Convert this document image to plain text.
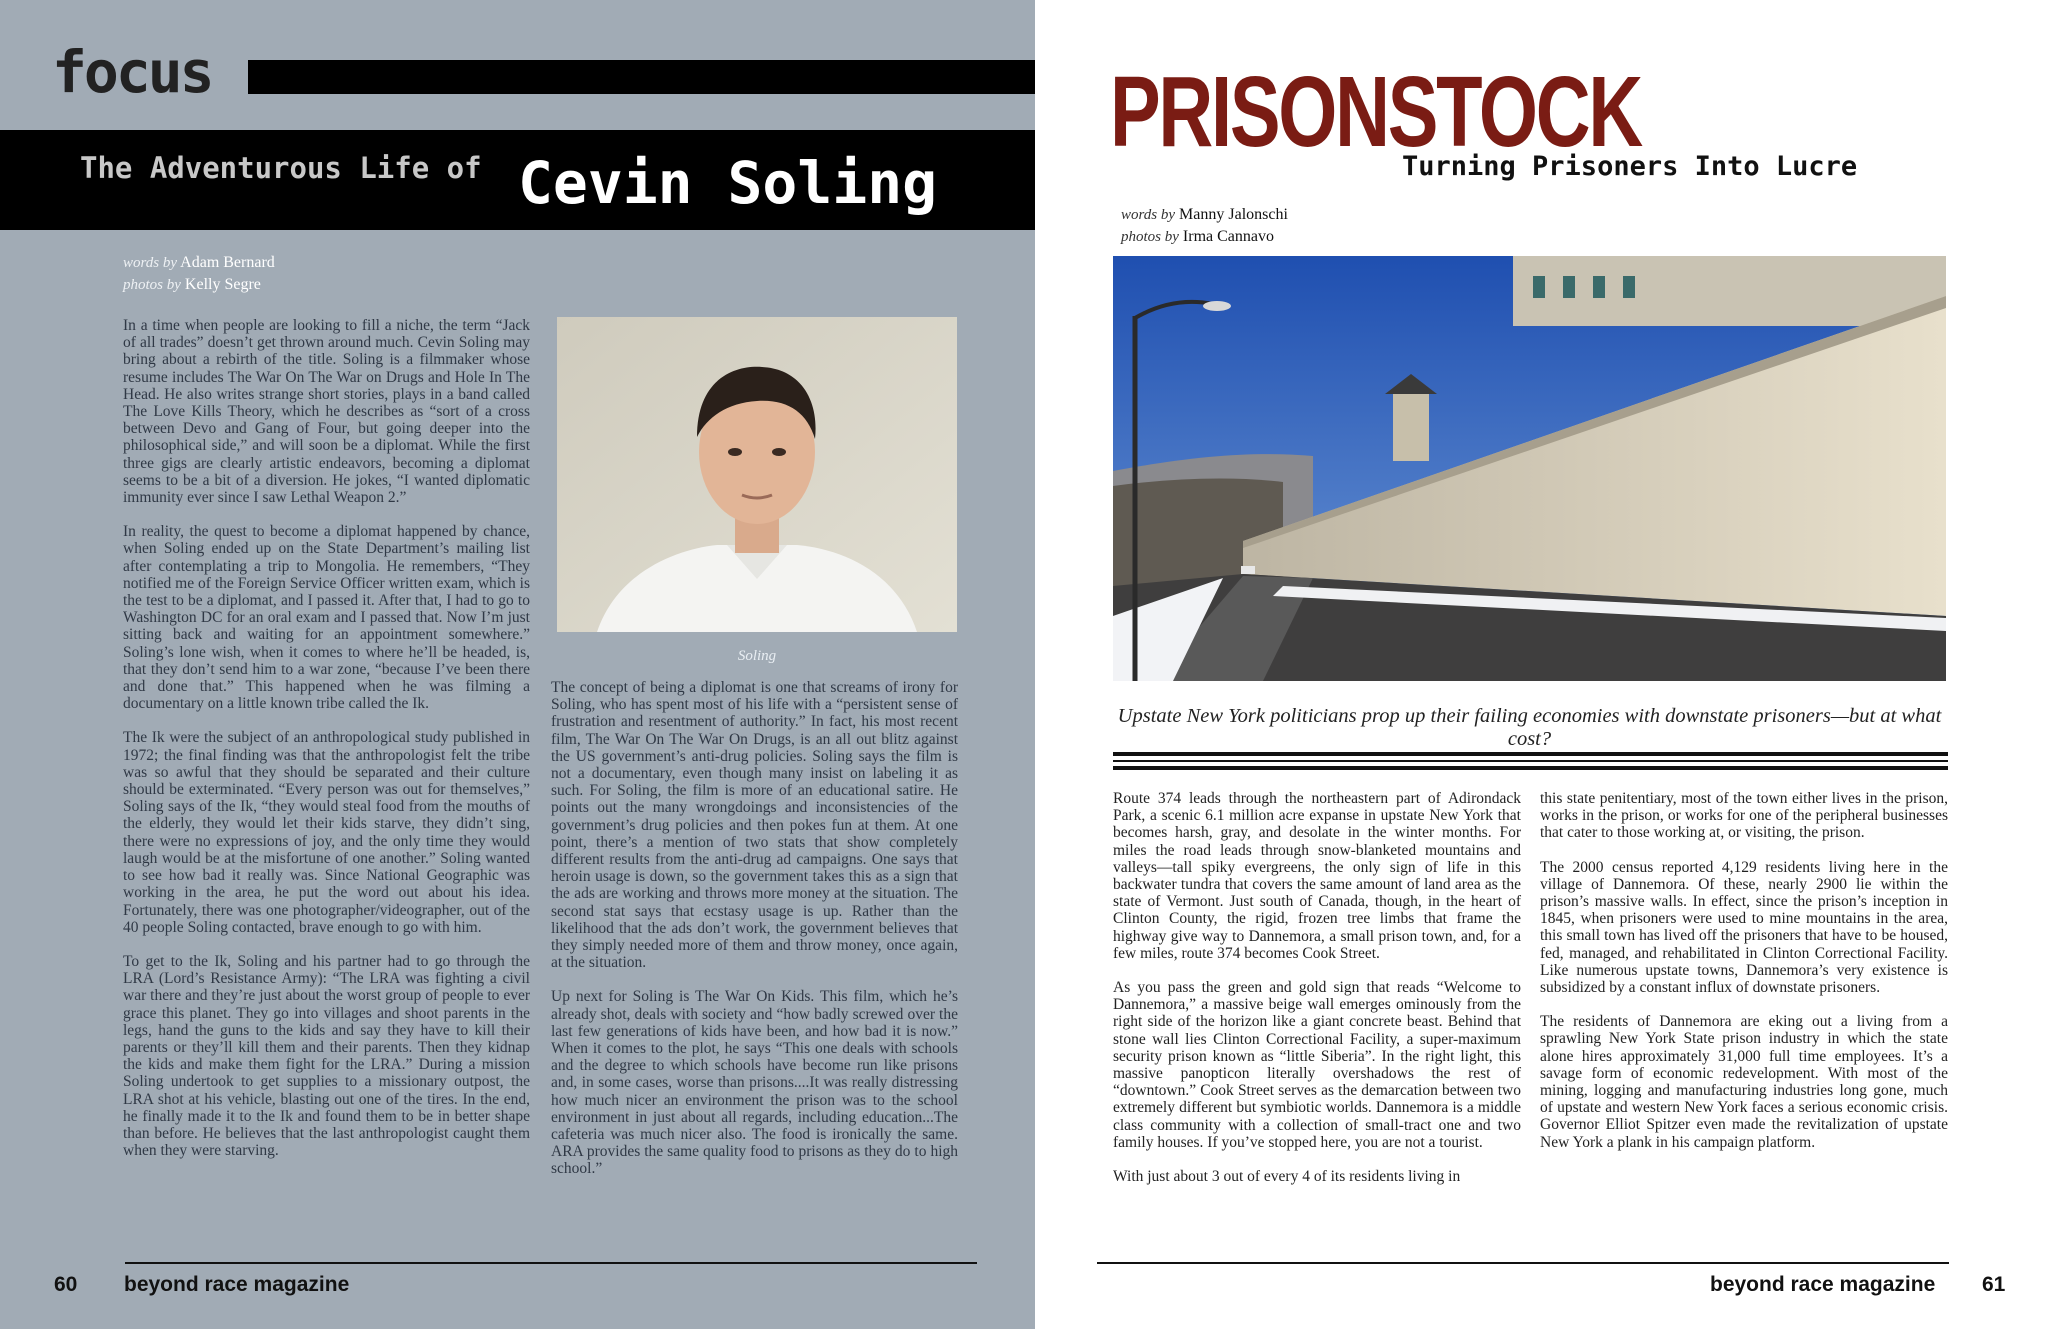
focus
The Adventurous Life of Cevin Soling
words by Adam Bernard
photos by Kelly Segre

In a time when people are looking to fill a niche, the term “Jack of all trades” doesn’t get thrown around much. Cevin Soling may bring about a rebirth of the title. Soling is a filmmaker whose resume includes The War On The War on Drugs and Hole In The Head. He also writes strange short stories, plays in a band called The Love Kills Theory, which he describes as “sort of a cross between Devo and Gang of Four, but going deeper into the philosophical side,” and will soon be a diplomat. While the first three gigs are clearly artistic endeavors, becoming a diplomat seems to be a bit of a diversion. He jokes, “I wanted diplomatic immunity ever since I saw Lethal Weapon 2.”

In reality, the quest to become a diplomat happened by chance, when Soling ended up on the State Department’s mailing list after contemplating a trip to Mongolia. He remembers, “They notified me of the Foreign Service Officer written exam, which is the test to be a diplomat, and I passed it. After that, I had to go to Washington DC for an oral exam and I passed that. Now I’m just sitting back and waiting for an appointment somewhere.” Soling’s lone wish, when it comes to where he’ll be headed, is, that they don’t send him to a war zone, “because I’ve been there and done that.” This happened when he was filming a documentary on a little known tribe called the Ik.

The Ik were the subject of an anthropological study published in 1972; the final finding was that the anthropologist felt the tribe was so awful that they should be separated and their culture should be exterminated. “Every person was out for themselves,” Soling says of the Ik, “they would steal food from the mouths of the elderly, they would let their kids starve, they didn’t sing, there were no expressions of joy, and the only time they would laugh would be at the misfortune of one another.” Soling wanted to see how bad it really was. Since National Geographic was working in the area, he put the word out about his idea. Fortunately, there was one photographer/videographer, out of the 40 people Soling contacted, brave enough to go with him.

To get to the Ik, Soling and his partner had to go through the LRA (Lord’s Resistance Army): “The LRA was fighting a civil war there and they’re just about the worst group of people to ever grace this planet. They go into villages and shoot parents in the legs, hand the guns to the kids and say they have to kill their parents or they’ll kill them and their parents. Then they kidnap the kids and make them fight for the LRA.” During a mission Soling undertook to get supplies to a missionary outpost, the LRA shot at his vehicle, blasting out one of the tires. In the end, he finally made it to the Ik and found them to be in better shape than before. He believes that the last anthropologist caught them when they were starving.

Soling

The concept of being a diplomat is one that screams of irony for Soling, who has spent most of his life with a “persistent sense of frustration and resentment of authority.” In fact, his most recent film, The War On The War On Drugs, is an all out blitz against the US government’s anti-drug policies. Soling says the film is not a documentary, even though many insist on labeling it as such. For Soling, the film is more of an educational satire. He points out the many wrongdoings and inconsistencies of the government’s drug policies and then pokes fun at them. At one point, there’s a mention of two stats that show completely different results from the anti-drug ad campaigns. One says that heroin usage is down, so the government takes this as a sign that the ads are working and throws more money at the situation. The second stat says that ecstasy usage is up. Rather than the likelihood that the ads don’t work, the government believes that they simply needed more of them and throw money, once again, at the situation.

Up next for Soling is The War On Kids. This film, which he’s already shot, deals with society and “how badly screwed over the last few generations of kids have been, and how bad it is now.” When it comes to the plot, he says “This one deals with schools and the degree to which schools have become run like prisons and, in some cases, worse than prisons....It was really distressing how much nicer an environment the prison was to the school environment in just about all regards, including education...The cafeteria was much nicer also. The food is ironically the same. ARA provides the same quality food to prisons as they do to high school.”

60 beyond race magazine
PRISONSTOCK
Turning Prisoners Into Lucre
words by Manny Jalonschi
photos by Irma Cannavo
Upstate New York politicians prop up their failing economies with downstate prisoners—but at what cost?

Route 374 leads through the northeastern part of Adirondack Park, a scenic 6.1 million acre expanse in upstate New York that becomes harsh, gray, and desolate in the winter months. For miles the road leads through snow-blanketed mountains and valleys—tall spiky evergreens, the only sign of life in this backwater tundra that covers the same amount of land area as the state of Vermont. Just south of Canada, though, in the heart of Clinton County, the rigid, frozen tree limbs that frame the highway give way to Dannemora, a small prison town, and, for a few miles, route 374 becomes Cook Street.

As you pass the green and gold sign that reads “Welcome to Dannemora,” a massive beige wall emerges ominously from the right side of the horizon like a giant concrete beast. Behind that stone wall lies Clinton Correctional Facility, a super-maximum security prison known as “little Siberia”. In the right light, this massive panopticon literally overshadows the rest of “downtown.” Cook Street serves as the demarcation between two extremely different but symbiotic worlds. Dannemora is a middle class community with a collection of small-tract one and two family houses. If you’ve stopped here, you are not a tourist.

With just about 3 out of every 4 of its residents living in

this state penitentiary, most of the town either lives in the prison, works in the prison, or works for one of the peripheral businesses that cater to those working at, or visiting, the prison.

The 2000 census reported 4,129 residents living here in the village of Dannemora. Of these, nearly 2900 lie within the prison’s massive walls. In effect, since the prison’s inception in 1845, when prisoners were used to mine mountains in the area, this small town has lived off the prisoners that have to be housed, fed, managed, and rehabilitated in Clinton Correctional Facility. Like numerous upstate towns, Dannemora’s very existence is subsidized by a constant influx of downstate prisoners.

The residents of Dannemora are eking out a living from a sprawling New York State prison industry in which the state alone hires approximately 31,000 full time employees. It’s a savage form of economic redevelopment. With most of the mining, logging and manufacturing industries long gone, much of upstate and western New York faces a serious economic crisis. Governor Elliot Spitzer even made the revitalization of upstate New York a plank in his campaign platform.

beyond race magazine 61
